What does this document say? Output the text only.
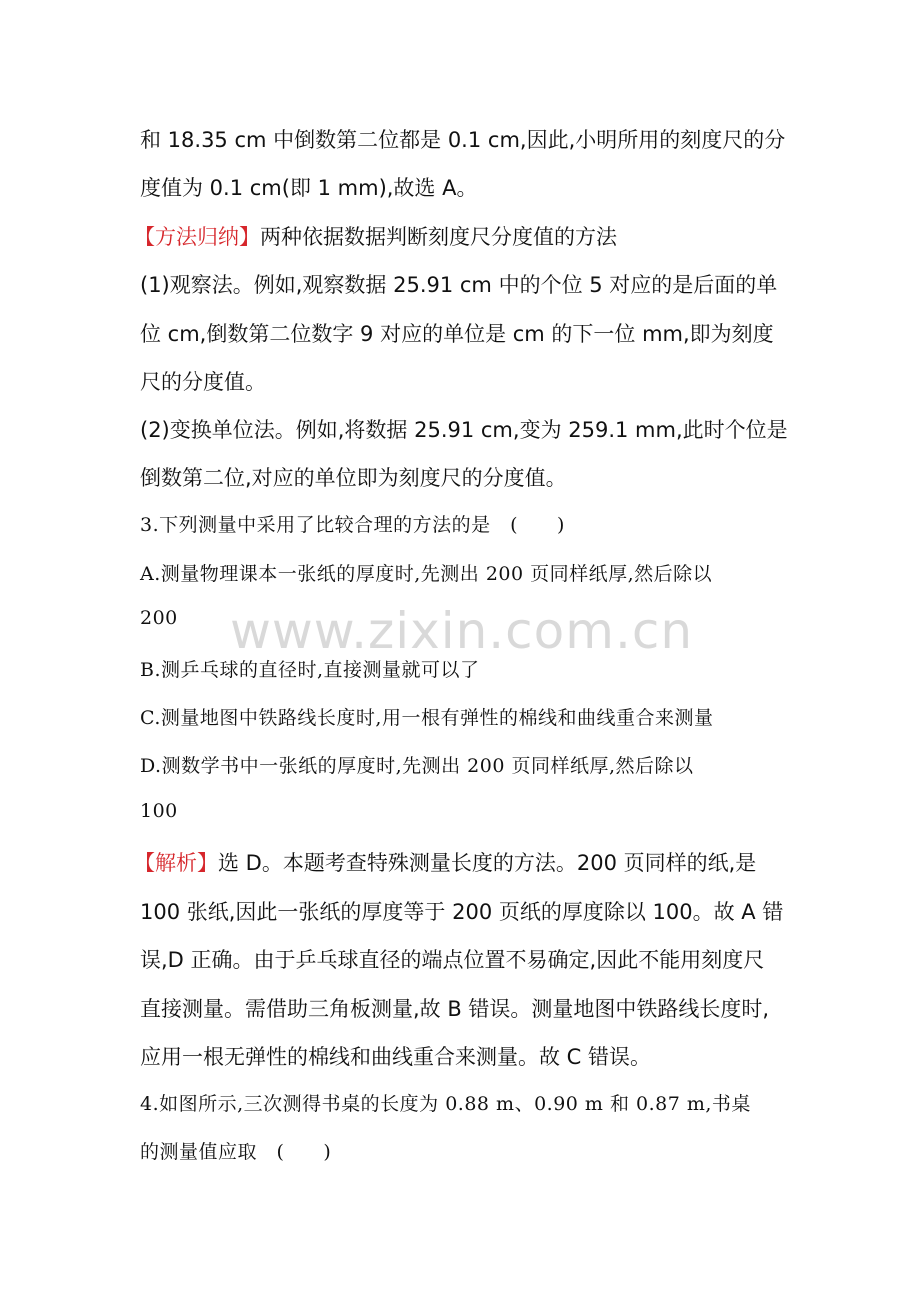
www.zixin.com.cn
和 18.35 cm 中倒数第二位都是 0.1 cm,因此,小明所用的刻度尺的分
度值为 0.1 cm(即 1 mm),故选 A。
【方法归纳】两种依据数据判断刻度尺分度值的方法
(1)观察法。例如,观察数据 25.91 cm 中的个位 5 对应的是后面的单
位 cm,倒数第二位数字 9 对应的单位是 cm 的下一位 mm,即为刻度
尺的分度值。
(2)变换单位法。例如,将数据 25.91 cm,变为 259.1 mm,此时个位是
倒数第二位,对应的单位即为刻度尺的分度值。
3.下列测量中采用了比较合理的方法的是　(　　)
A.测量物理课本一张纸的厚度时,先测出 200 页同样纸厚,然后除以
200
B.测乒乓球的直径时,直接测量就可以了
C.测量地图中铁路线长度时,用一根有弹性的棉线和曲线重合来测量
D.测数学书中一张纸的厚度时,先测出 200 页同样纸厚,然后除以
100
【解析】选 D。本题考查特殊测量长度的方法。200 页同样的纸,是
100 张纸,因此一张纸的厚度等于 200 页纸的厚度除以 100。故 A 错
误,D 正确。由于乒乓球直径的端点位置不易确定,因此不能用刻度尺
直接测量。需借助三角板测量,故 B 错误。测量地图中铁路线长度时,
应用一根无弹性的棉线和曲线重合来测量。故 C 错误。
4.如图所示,三次测得书桌的长度为 0.88 m、0.90 m 和 0.87 m,书桌
的测量值应取　(　　)
